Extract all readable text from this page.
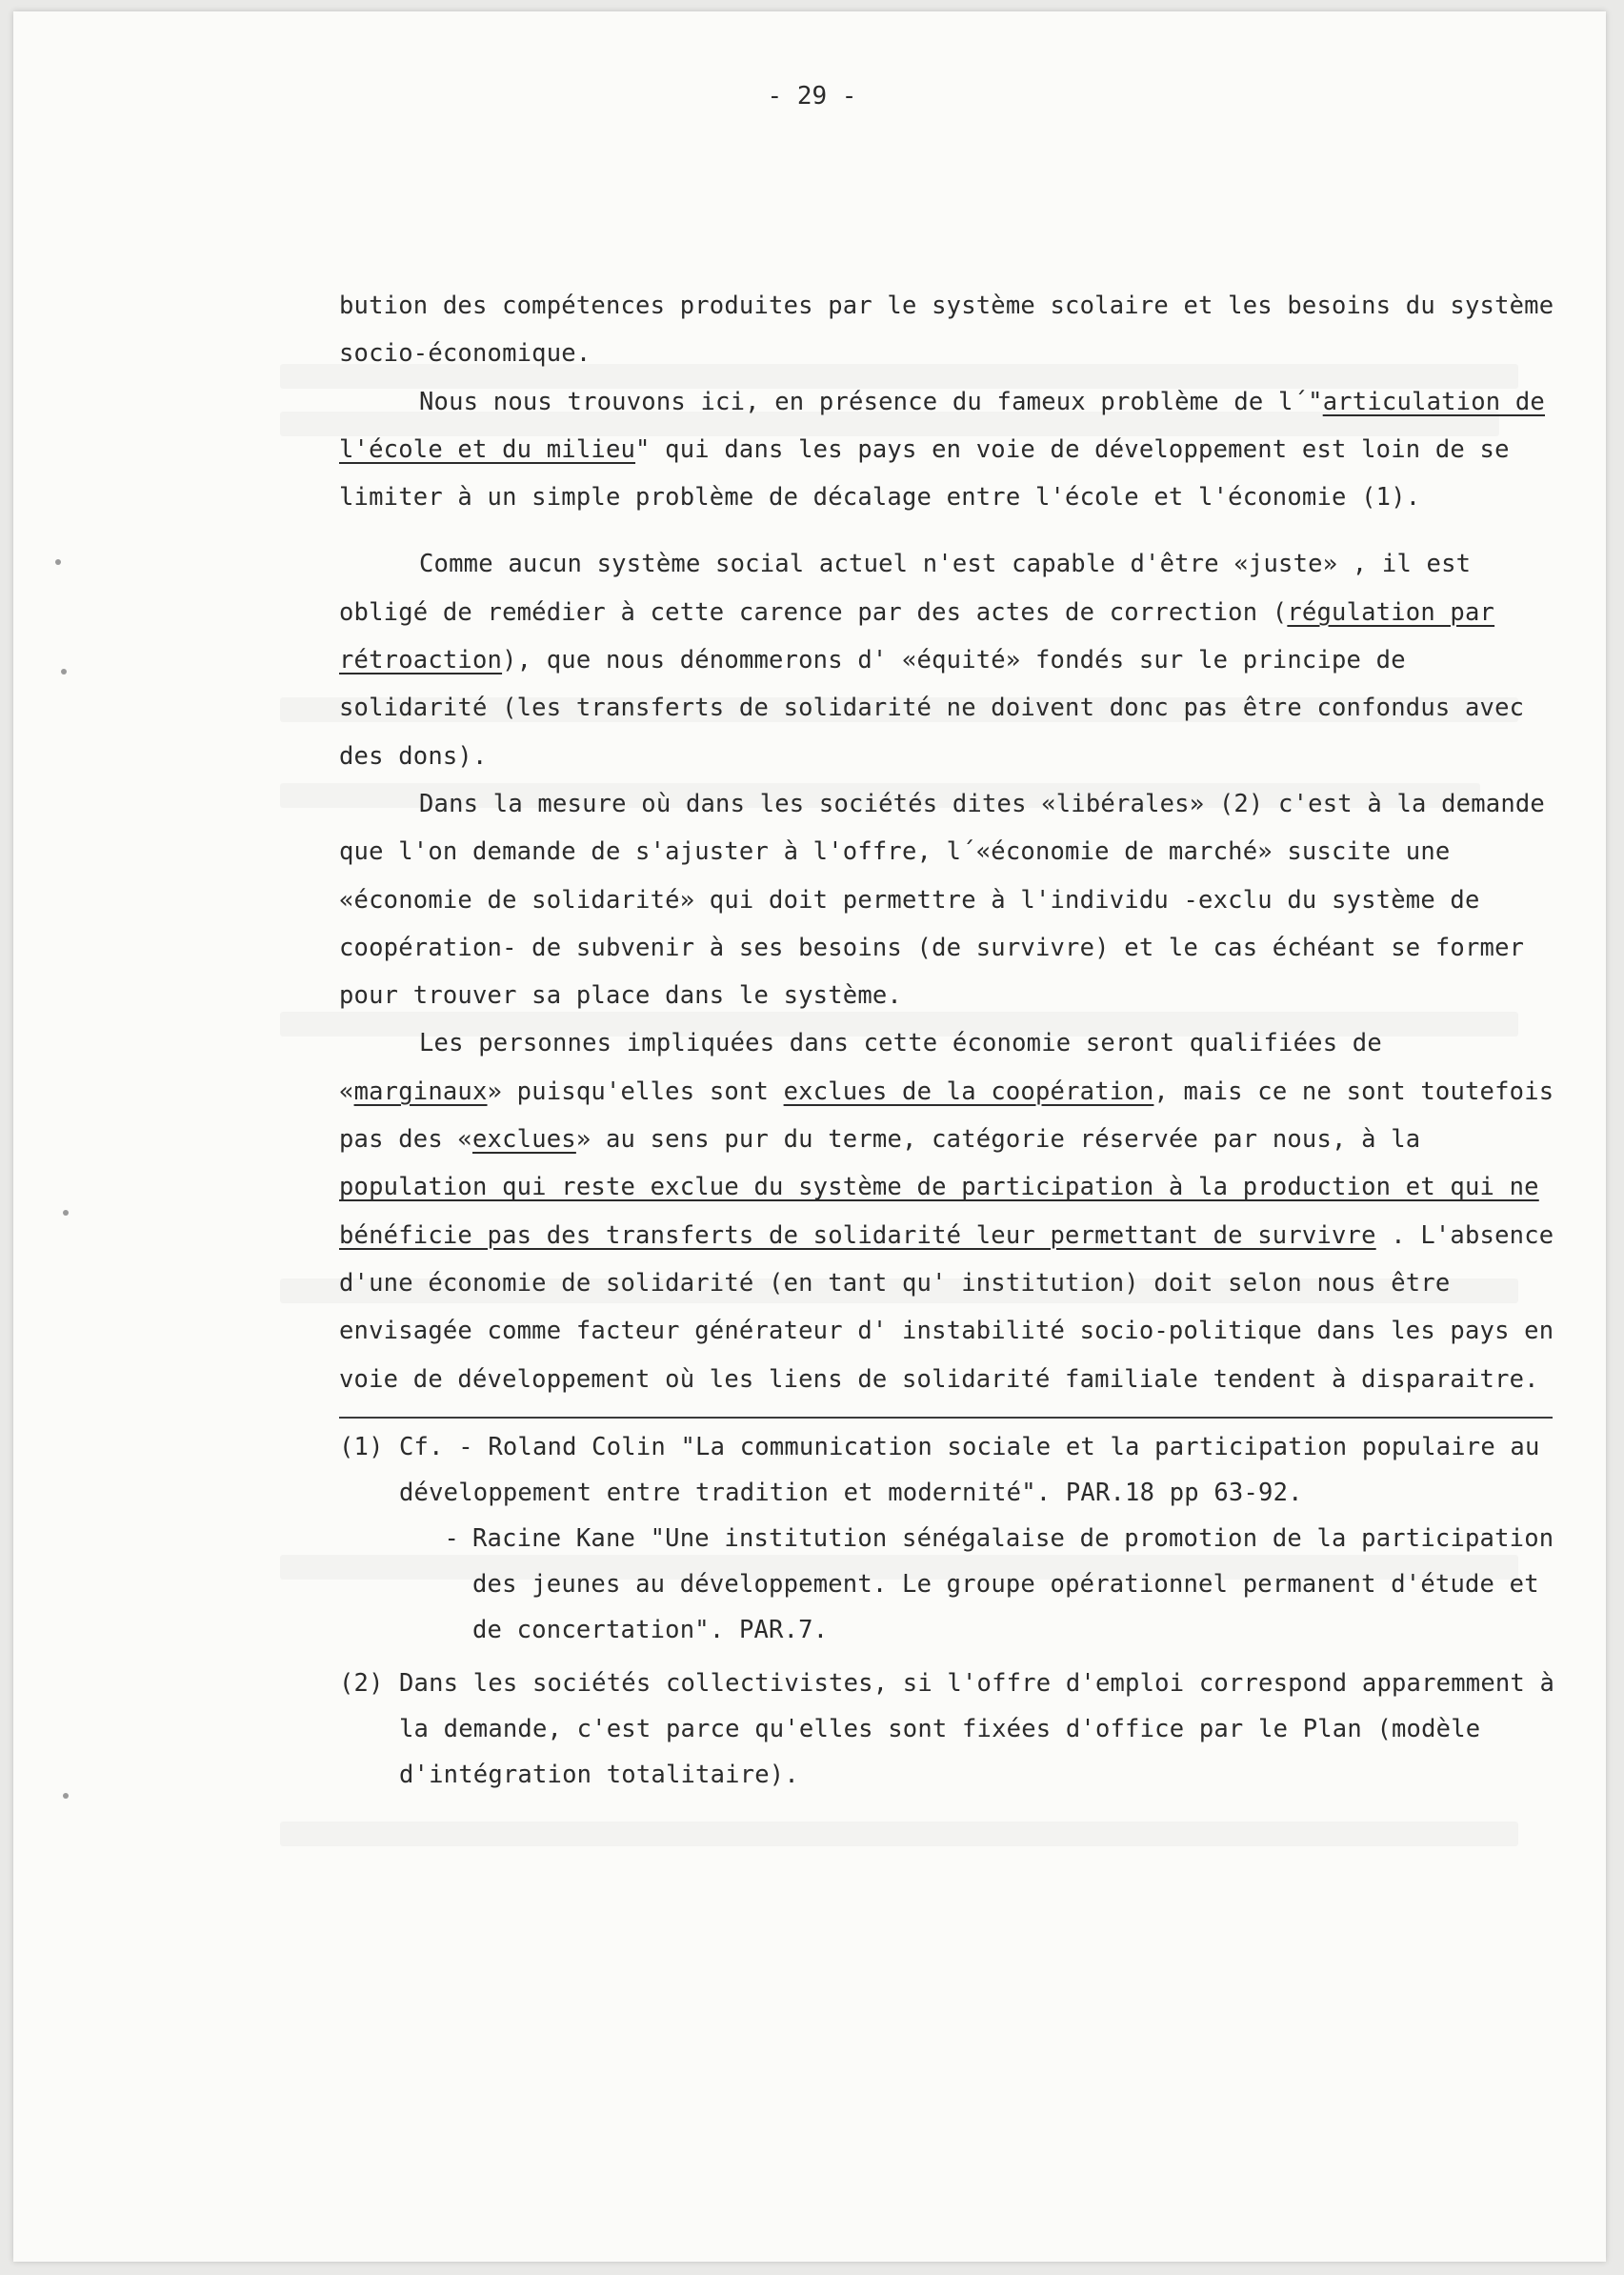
- 29 -

bution des compétences produites par le système scolaire et les besoins du système socio-économique.

Nous nous trouvons ici, en présence du fameux problème de l´"articulation de l'école et du milieu" qui dans les pays en voie de développement est loin de se limiter à un simple problème de décalage entre l'école et l'économie (1).

Comme aucun système social actuel n'est capable d'être «juste» , il est obligé de remédier à cette carence par des actes de correction (régulation par rétroaction), que nous dénommerons d' «équité» fondés sur le principe de solidarité (les transferts de solidarité ne doivent donc pas être confondus avec des dons).

Dans la mesure où dans les sociétés dites «libérales» (2) c'est à la demande que l'on demande de s'ajuster à l'offre, l´«économie de marché» suscite une «économie de solidarité» qui doit permettre à l'individu -exclu du système de coopération- de subvenir à ses besoins (de survivre) et le cas échéant se former pour trouver sa place dans le système.

Les personnes impliquées dans cette économie seront qualifiées de «marginaux» puisqu'elles sont exclues de la coopération, mais ce ne sont toutefois pas des «exclues» au sens pur du terme, catégorie réservée par nous, à la population qui reste exclue du système de participation à la production et qui ne bénéficie pas des transferts de solidarité leur permettant de survivre . L'absence d'une économie de solidarité (en tant qu' institution) doit selon nous être envisagée comme facteur générateur d' instabilité socio-politique dans les pays en voie de développement où les liens de solidarité familiale tendent à disparaitre.

(1) Cf. - Roland Colin "La communication sociale et la participation populaire au développement entre tradition et modernité". PAR.18 pp 63-92.
- Racine Kane "Une institution sénégalaise de promotion de la participation des jeunes au développement. Le groupe opérationnel permanent d'étude et de concertation". PAR.7.
(2) Dans les sociétés collectivistes, si l'offre d'emploi correspond apparemment à la demande, c'est parce qu'elles sont fixées d'office par le Plan (modèle d'intégration totalitaire).
